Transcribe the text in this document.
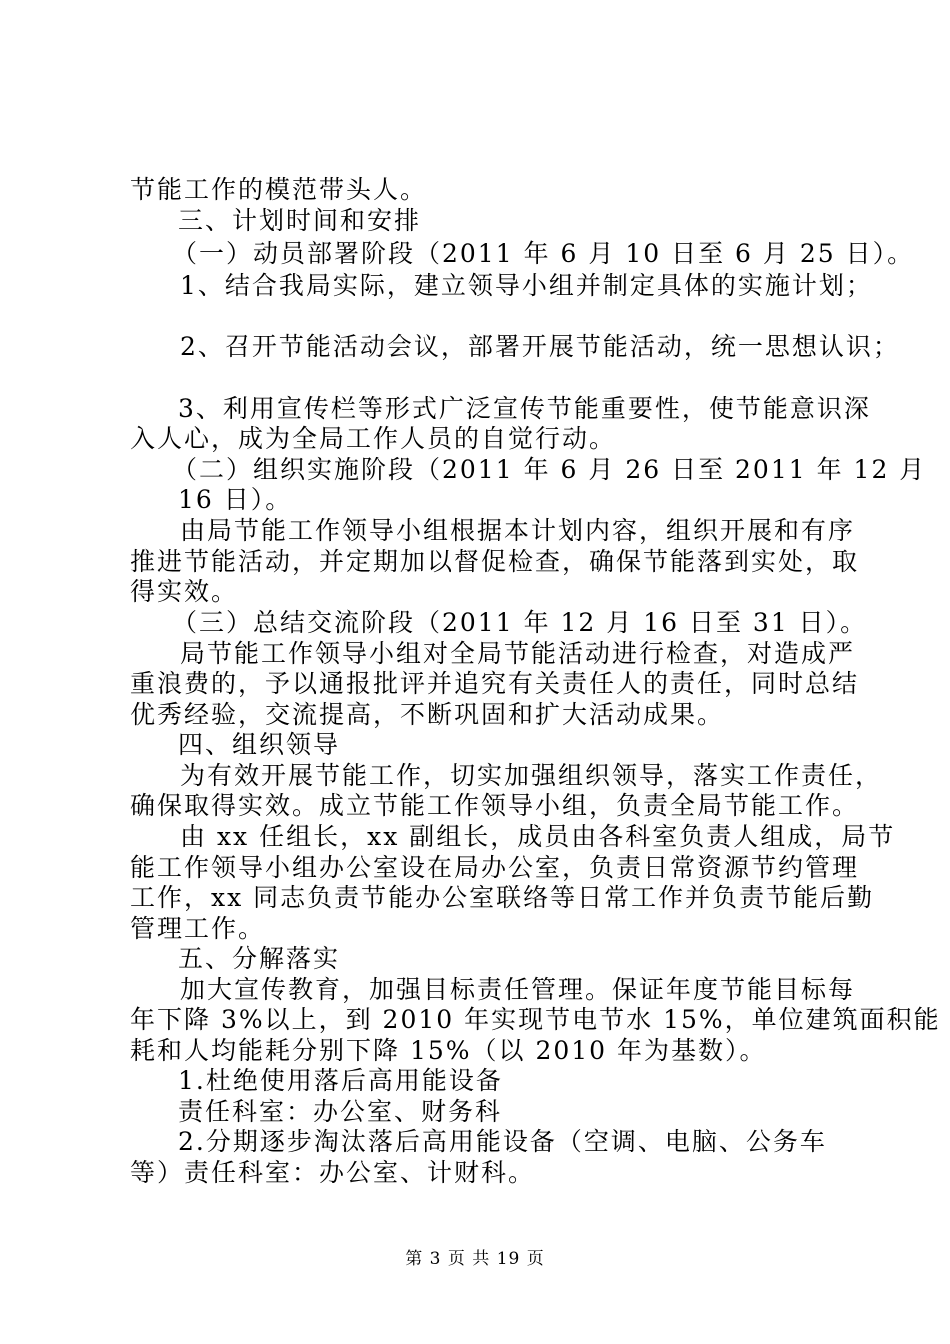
节能工作的模范带头人。
三、计划时间和安排
（一）动员部署阶段（2011 年 6 月 10 日至 6 月 25 日）。
1、结合我局实际，建立领导小组并制定具体的实施计划；
2、召开节能活动会议，部署开展节能活动，统一思想认识；
3、利用宣传栏等形式广泛宣传节能重要性，使节能意识深
入人心，成为全局工作人员的自觉行动。
（二）组织实施阶段（2011 年 6 月 26 日至 2011 年 12 月
16 日）。
由局节能工作领导小组根据本计划内容，组织开展和有序
推进节能活动，并定期加以督促检查，确保节能落到实处，取
得实效。
（三）总结交流阶段（2011 年 12 月 16 日至 31 日）。
局节能工作领导小组对全局节能活动进行检查，对造成严
重浪费的，予以通报批评并追究有关责任人的责任，同时总结
优秀经验，交流提高，不断巩固和扩大活动成果。
四、组织领导
为有效开展节能工作，切实加强组织领导，落实工作责任，
确保取得实效。成立节能工作领导小组，负责全局节能工作。
由 xx 任组长，xx 副组长，成员由各科室负责人组成，局节
能工作领导小组办公室设在局办公室，负责日常资源节约管理
工作，xx 同志负责节能办公室联络等日常工作并负责节能后勤
管理工作。
五、分解落实
加大宣传教育，加强目标责任管理。保证年度节能目标每
年下降 3%以上，到 2010 年实现节电节水 15%，单位建筑面积能
耗和人均能耗分别下降 15%（以 2010 年为基数）。
1.杜绝使用落后高用能设备
责任科室：办公室、财务科
2.分期逐步淘汰落后高用能设备（空调、电脑、公务车
等）责任科室：办公室、计财科。
第 3 页 共 19 页
